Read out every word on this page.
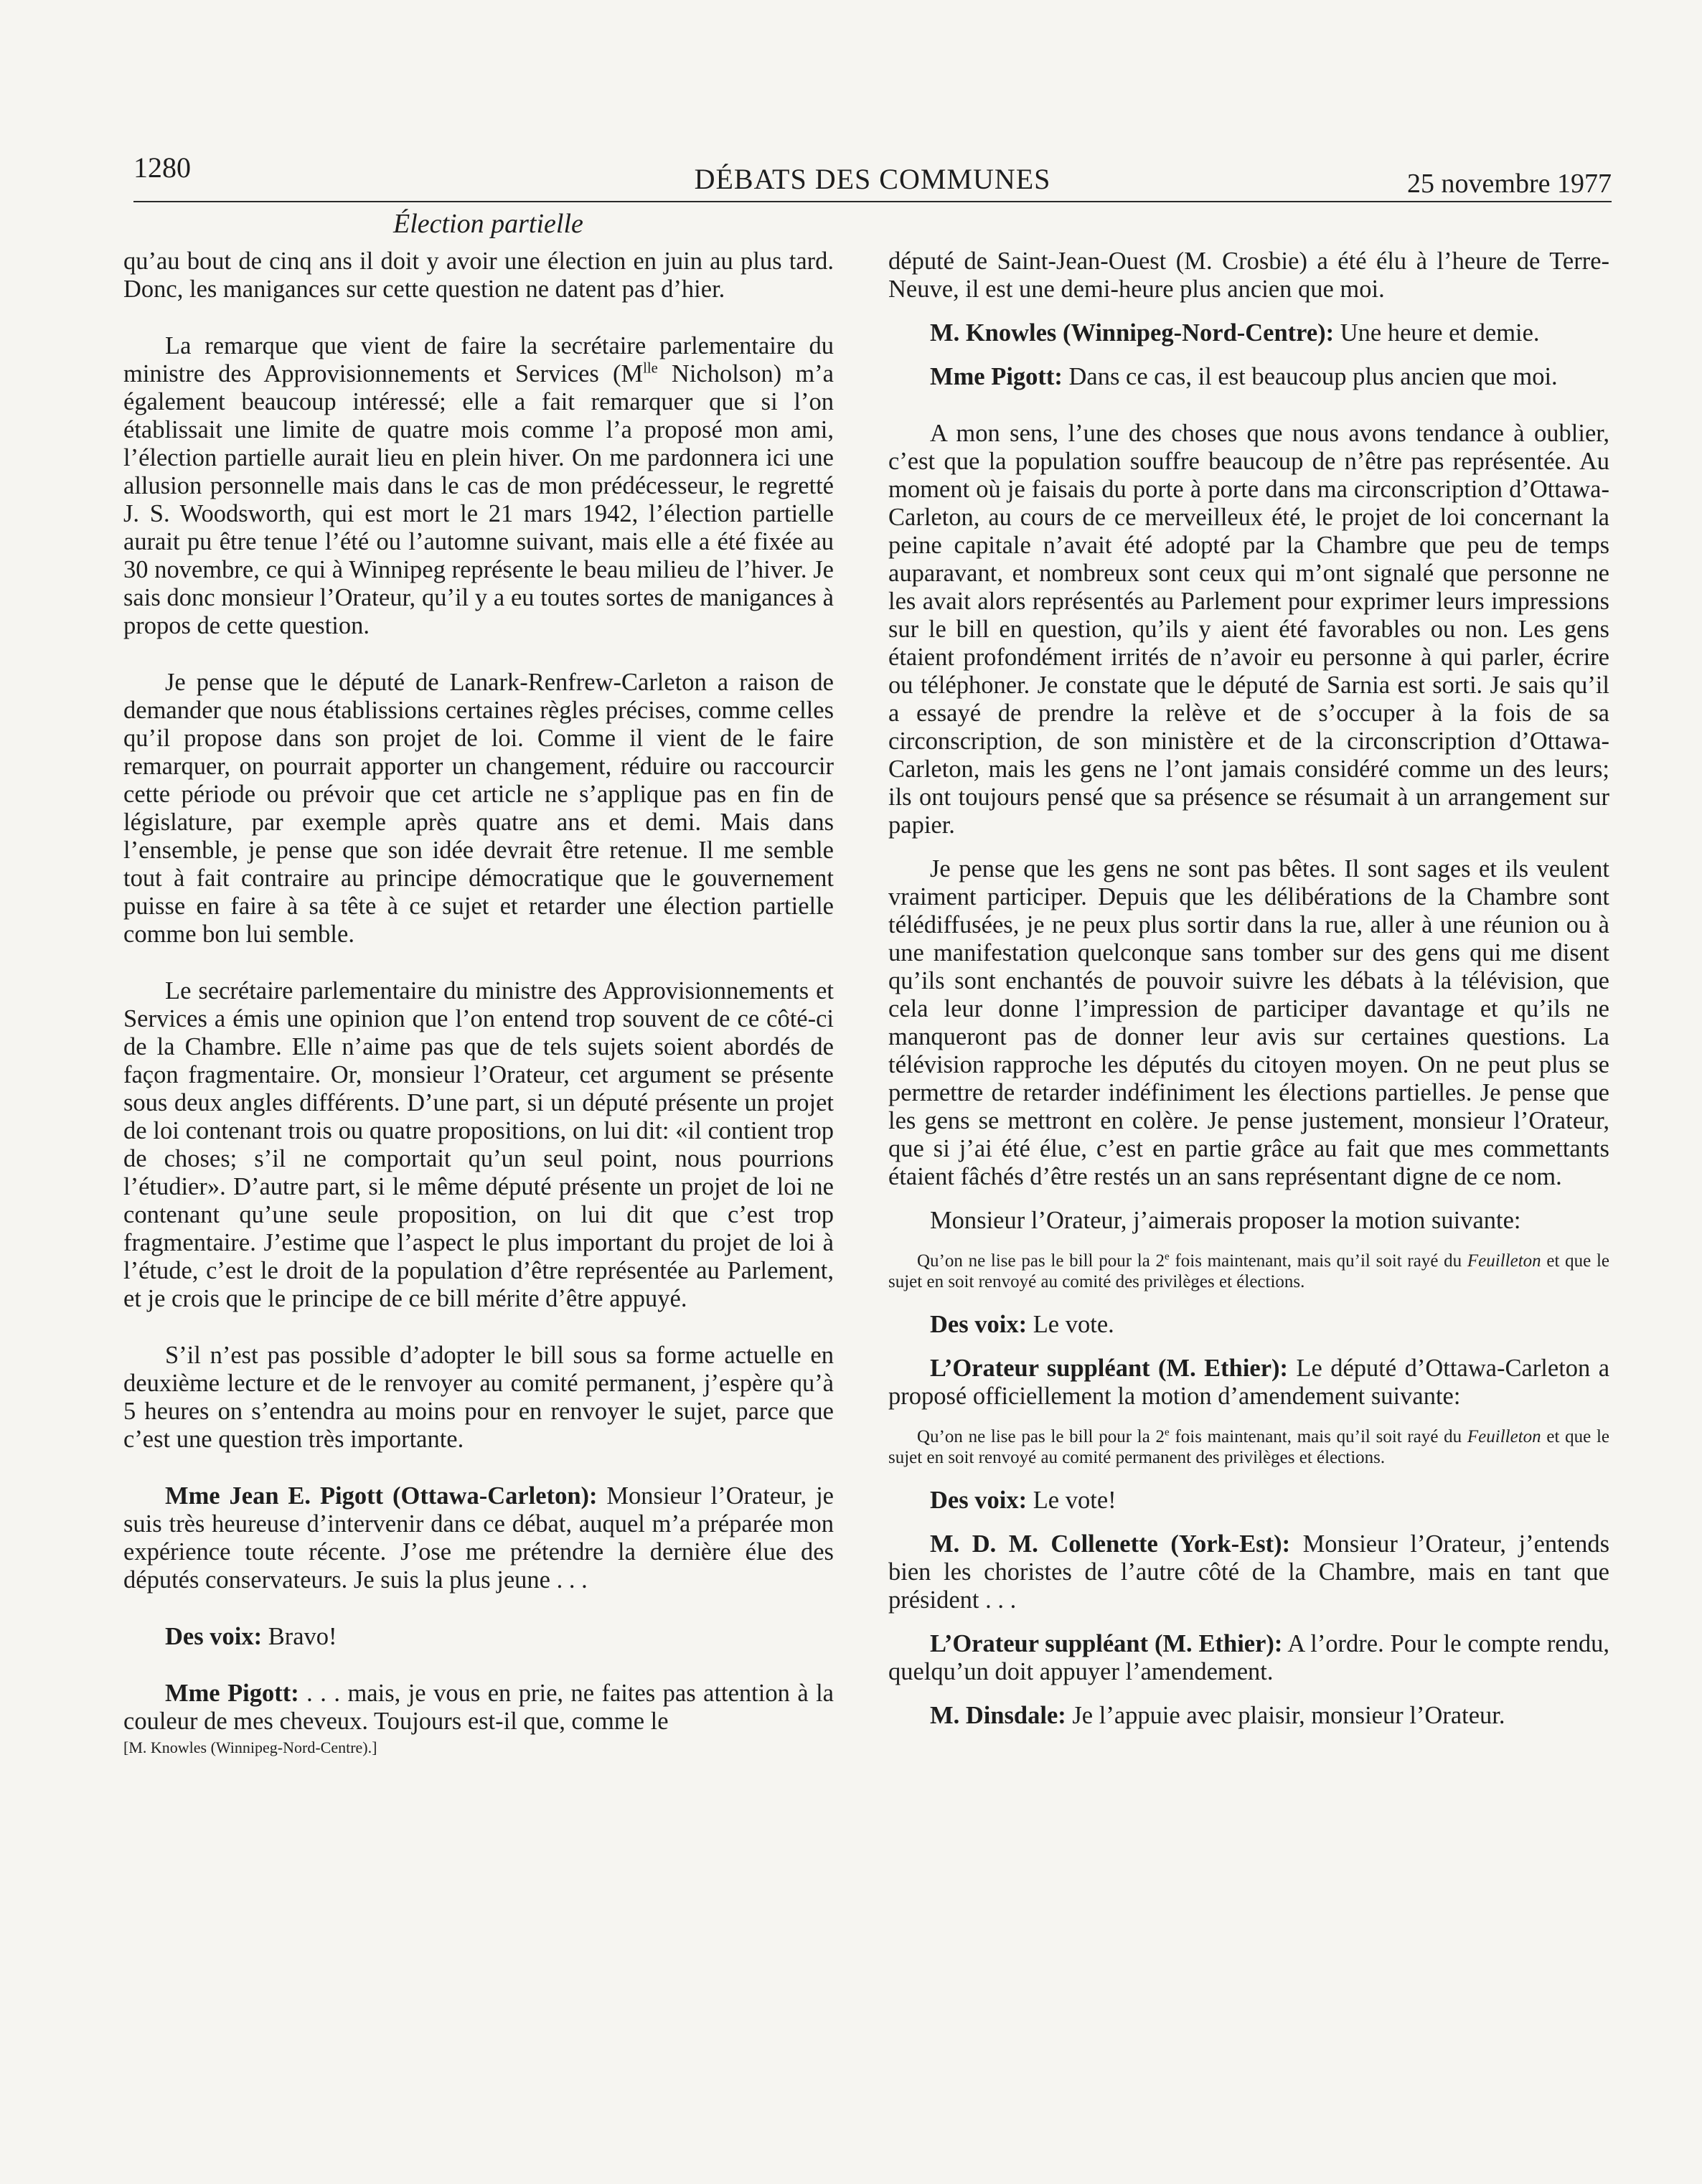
1280	DÉBATS DES COMMUNES	25 novembre 1977
Élection partielle

qu’au bout de cinq ans il doit y avoir une élection en juin au plus tard. Donc, les manigances sur cette question ne datent pas d’hier.

La remarque que vient de faire la secrétaire parlementaire du ministre des Approvisionnements et Services ($M^{lle}$ Nicholson) m’a également beaucoup intéressé; elle a fait remarquer que si l’on établissait une limite de quatre mois comme l’a proposé mon ami, l’élection partielle aurait lieu en plein hiver. On me pardonnera ici une allusion personnelle mais dans le cas de mon prédécesseur, le regretté J. S. Woodsworth, qui est mort le 21 mars 1942, l’élection partielle aurait pu être tenue l’été ou l’automne suivant, mais elle a été fixée au 30 novembre, ce qui à Winnipeg représente le beau milieu de l’hiver. Je sais donc monsieur l’Orateur, qu’il y a eu toutes sortes de manigances à propos de cette question.

Je pense que le député de Lanark-Renfrew-Carleton a raison de demander que nous établissions certaines règles précises, comme celles qu’il propose dans son projet de loi. Comme il vient de le faire remarquer, on pourrait apporter un changement, réduire ou raccourcir cette période ou prévoir que cet article ne s’applique pas en fin de législature, par exemple après quatre ans et demi. Mais dans l’ensemble, je pense que son idée devrait être retenue. Il me semble tout à fait contraire au principe démocratique que le gouvernement puisse en faire à sa tête à ce sujet et retarder une élection partielle comme bon lui semble.

Le secrétaire parlementaire du ministre des Approvisionnements et Services a émis une opinion que l’on entend trop souvent de ce côté-ci de la Chambre. Elle n’aime pas que de tels sujets soient abordés de façon fragmentaire. Or, monsieur l’Orateur, cet argument se présente sous deux angles différents. D’une part, si un député présente un projet de loi contenant trois ou quatre propositions, on lui dit: «il contient trop de choses; s’il ne comportait qu’un seul point, nous pourrions l’étudier». D’autre part, si le même député présente un projet de loi ne contenant qu’une seule proposition, on lui dit que c’est trop fragmentaire. J’estime que l’aspect le plus important du projet de loi à l’étude, c’est le droit de la population d’être représentée au Parlement, et je crois que le principe de ce bill mérite d’être appuyé.

S’il n’est pas possible d’adopter le bill sous sa forme actuelle en deuxième lecture et de le renvoyer au comité permanent, j’espère qu’à 5 heures on s’entendra au moins pour en renvoyer le sujet, parce que c’est une question très importante.

Mme Jean E. Pigott (Ottawa-Carleton): Monsieur l’Orateur, je suis très heureuse d’intervenir dans ce débat, auquel m’a préparée mon expérience toute récente. J’ose me prétendre la dernière élue des députés conservateurs. Je suis la plus jeune . . .

Des voix: Bravo!

Mme Pigott: . . . mais, je vous en prie, ne faites pas attention à la couleur de mes cheveux. Toujours est-il que, comme le

[M. Knowles (Winnipeg-Nord-Centre).]

député de Saint-Jean-Ouest (M. Crosbie) a été élu à l’heure de Terre-Neuve, il est une demi-heure plus ancien que moi.

M. Knowles (Winnipeg-Nord-Centre): Une heure et demie.

Mme Pigott: Dans ce cas, il est beaucoup plus ancien que moi.

A mon sens, l’une des choses que nous avons tendance à oublier, c’est que la population souffre beaucoup de n’être pas représentée. Au moment où je faisais du porte à porte dans ma circonscription d’Ottawa-Carleton, au cours de ce merveilleux été, le projet de loi concernant la peine capitale n’avait été adopté par la Chambre que peu de temps auparavant, et nombreux sont ceux qui m’ont signalé que personne ne les avait alors représentés au Parlement pour exprimer leurs impressions sur le bill en question, qu’ils y aient été favorables ou non. Les gens étaient profondément irrités de n’avoir eu personne à qui parler, écrire ou téléphoner. Je constate que le député de Sarnia est sorti. Je sais qu’il a essayé de prendre la relève et de s’occuper à la fois de sa circonscription, de son ministère et de la circonscription d’Ottawa-Carleton, mais les gens ne l’ont jamais considéré comme un des leurs; ils ont toujours pensé que sa présence se résumait à un arrangement sur papier.

Je pense que les gens ne sont pas bêtes. Il sont sages et ils veulent vraiment participer. Depuis que les délibérations de la Chambre sont télédiffusées, je ne peux plus sortir dans la rue, aller à une réunion ou à une manifestation quelconque sans tomber sur des gens qui me disent qu’ils sont enchantés de pouvoir suivre les débats à la télévision, que cela leur donne l’impression de participer davantage et qu’ils ne manqueront pas de donner leur avis sur certaines questions. La télévision rapproche les députés du citoyen moyen. On ne peut plus se permettre de retarder indéfiniment les élections partielles. Je pense que les gens se mettront en colère. Je pense justement, monsieur l’Orateur, que si j’ai été élue, c’est en partie grâce au fait que mes commettants étaient fâchés d’être restés un an sans représentant digne de ce nom.

Monsieur l’Orateur, j’aimerais proposer la motion suivante:

Qu’on ne lise pas le bill pour la 2e fois maintenant, mais qu’il soit rayé du Feuilleton et que le sujet en soit renvoyé au comité des privilèges et élections.

Des voix: Le vote.

L’Orateur suppléant (M. Ethier): Le député d’Ottawa-Carleton a proposé officiellement la motion d’amendement suivante:

Qu’on ne lise pas le bill pour la 2e fois maintenant, mais qu’il soit rayé du Feuilleton et que le sujet en soit renvoyé au comité permanent des privilèges et élections.

Des voix: Le vote!

M. D. M. Collenette (York-Est): Monsieur l’Orateur, j’entends bien les choristes de l’autre côté de la Chambre, mais en tant que président . . .

L’Orateur suppléant (M. Ethier): A l’ordre. Pour le compte rendu, quelqu’un doit appuyer l’amendement.

M. Dinsdale: Je l’appuie avec plaisir, monsieur l’Orateur.
